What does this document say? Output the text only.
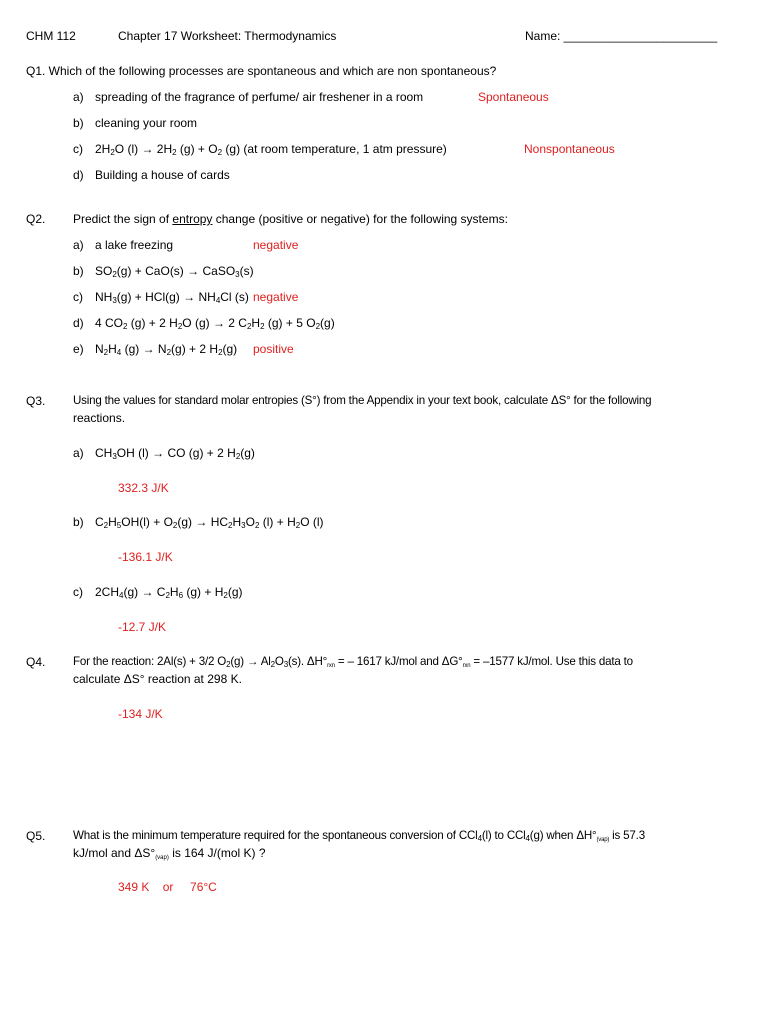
CHM 112	Chapter 17 Worksheet: Thermodynamics	Name: _______________________
Q1. Which of the following processes are spontaneous and which are non spontaneous?
a) spreading of the fragrance of perfume/ air freshener in a room	Spontaneous
b) cleaning your room
c) $2H_2O$ $(l) \to 2H_2$ $(g) + O_2$ (g) (at room temperature, 1 atm pressure)	Nonspontaneous
d) Building a house of cards
Q2. Predict the sign of entropy change (positive or negative) for the following systems:
a) a lake freezing	negative
b) $SO_2(g) + CaO(s)$ → CaSO$_3$(s)
c) $NH_3(g) + HCl(g) \to NH_4Cl$ (s) negative
d) 4 $CO_2$ (g) + 2 $H_2O$ (g) → 2 $C_2H_2$ (g) + 5 $O_2(g)$
e) $N_2H_4$ $(g) \to N_2(g) + 2$ $H_2(g)$ positive
Q3. Using the values for standard molar entropies (S°) from the Appendix in your text book, calculate ΔS° for the following
reactions.
a) $CH_3OH$ (l) → CO (g) + 2 $H_2(g)$
332.3 J/K
b) $C_2H_5OH(l) + O_2(g) \to HC_2H_3O_2$ $(l) + H_2O$ (l)
-136.1 J/K
c) $2CH_4(g) \to C_2H_6$ $(g) + H_2(g)$
-12.7 J/K
Q4. For the reaction: 2Al(s) + 3/2 $O_2(g) \to Al_2O_3(s)$. $\Delta H^\circ_{rxn}$ = – 1617 kJ/mol and $\Delta G^\circ_{rxn} = -1577$ kJ/mol. Use this data to
calculate ΔS° reaction at 298 K.
-134 J/K
Q5. What is the minimum temperature required for the spontaneous conversion of CCl$_4$(l) to CCl$_4$(g) when $\Delta H^\circ_{(vap)}$ is 57.3
kJ/mol and $\Delta S^\circ_{(vap)}$ is 164 J/(mol K) ?
349 K    or     76°C
